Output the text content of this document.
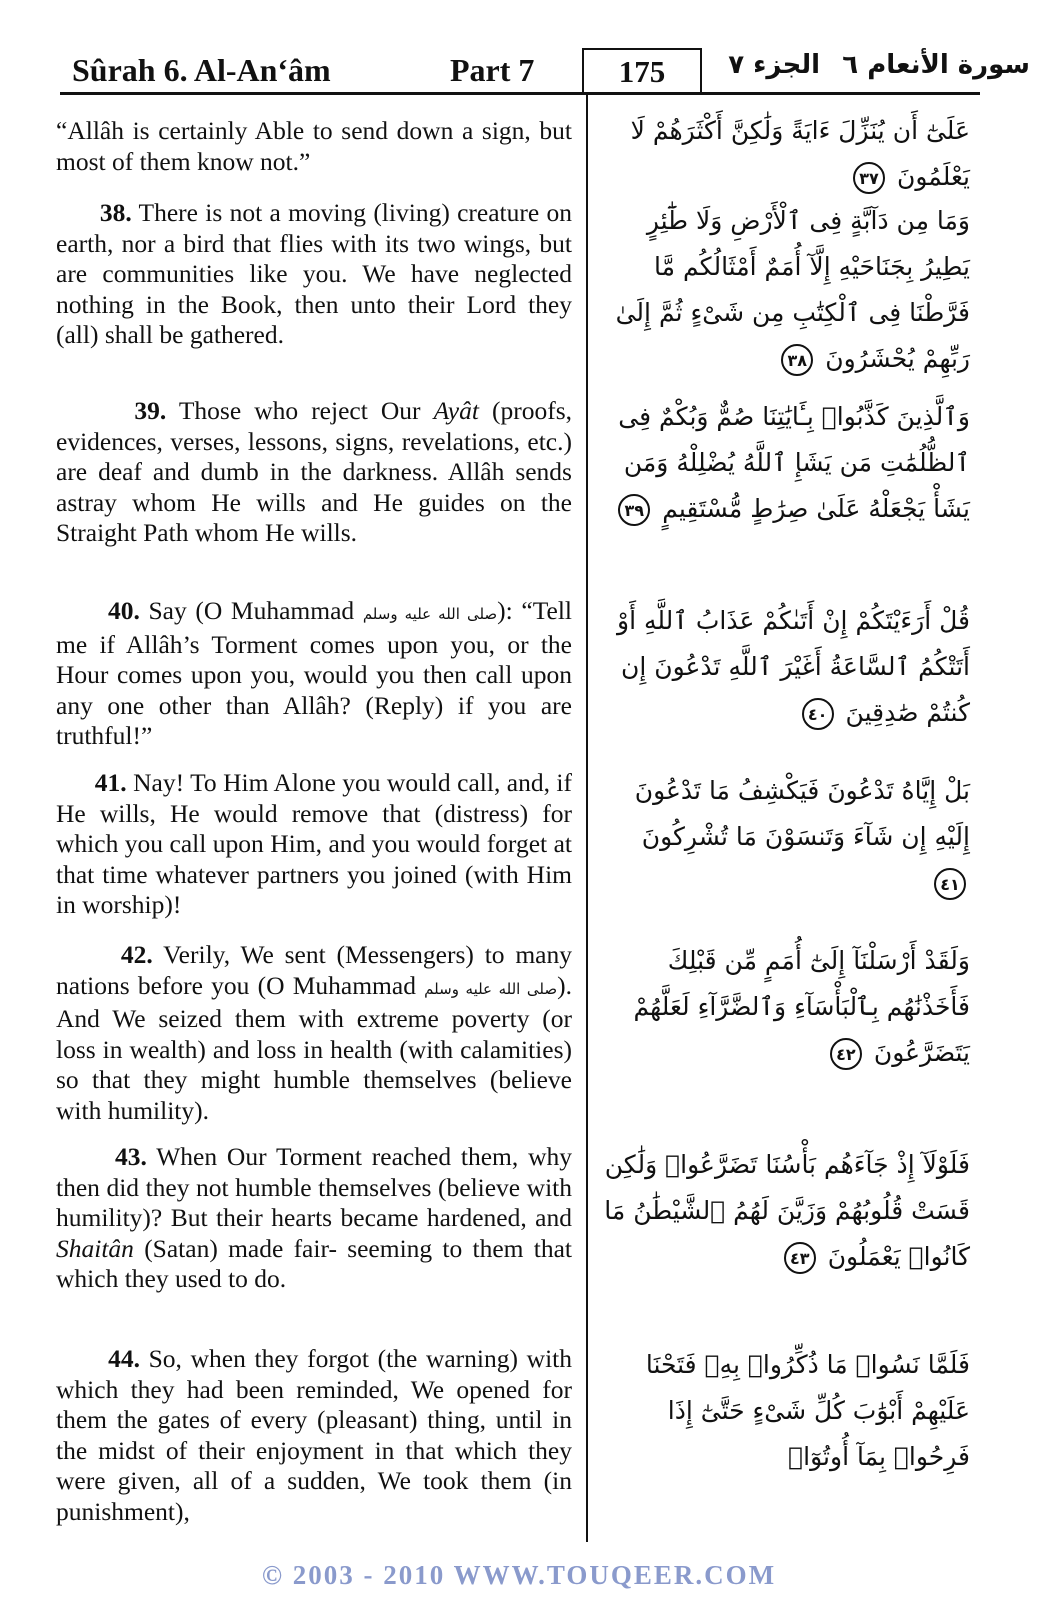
Sûrah 6. Al-An‘âm	Part 7	175	الجزء ٧ سورة الأنعام ٦
“Allâh is certainly Able to send down a sign, but most of them know not.”
38. There is not a moving (living) creature on earth, nor a bird that flies with its two wings, but are communities like you. We have neglected nothing in the Book, then unto their Lord they (all) shall be gathered.
39. Those who reject Our Ayât (proofs, evidences, verses, lessons, signs, revelations, etc.) are deaf and dumb in the darkness. Allâh sends astray whom He wills and He guides on the Straight Path whom He wills.
40. Say (O Muhammad صلى الله عليه وسلم): “Tell me if Allâh’s Torment comes upon you, or the Hour comes upon you, would you then call upon any one other than Allâh? (Reply) if you are truthful!”
41. Nay! To Him Alone you would call, and, if He wills, He would remove that (distress) for which you call upon Him, and you would forget at that time whatever partners you joined (with Him in worship)!
42. Verily, We sent (Messengers) to many nations before you (O Muhammad صلى الله عليه وسلم). And We seized them with extreme poverty (or loss in wealth) and loss in health (with calamities) so that they might humble themselves (believe with humility).
43. When Our Torment reached them, why then did they not humble themselves (believe with humility)? But their hearts became hardened, and Shaitân (Satan) made fair- seeming to them that which they used to do.
44. So, when they forgot (the warning) with which they had been reminded, We opened for them the gates of every (pleasant) thing, until in the midst of their enjoyment in that which they were given, all of a sudden, We took them (in punishment),
عَلَىٰٓ أَن يُنَزِّلَ ءَايَةً وَلَٰكِنَّ أَكْثَرَهُمْ لَا يَعْلَمُونَ ٣٧
وَمَا مِن دَآبَّةٍ فِى ٱلْأَرْضِ وَلَا طَٰٓئِرٍ يَطِيرُ بِجَنَاحَيْهِ إِلَّآ أُمَمٌ أَمْثَالُكُم مَّا فَرَّطْنَا فِى ٱلْكِتَٰبِ مِن شَىْءٍ ثُمَّ إِلَىٰ رَبِّهِمْ يُحْشَرُونَ ٣٨
وَٱلَّذِينَ كَذَّبُوا۟ بِـَٔايَٰتِنَا صُمٌّ وَبُكْمٌ فِى ٱلظُّلُمَٰتِ مَن يَشَإِ ٱللَّهُ يُضْلِلْهُ وَمَن يَشَأْ يَجْعَلْهُ عَلَىٰ صِرَٰطٍ مُّسْتَقِيمٍ ٣٩
قُلْ أَرَءَيْتَكُمْ إِنْ أَتَىٰكُمْ عَذَابُ ٱللَّهِ أَوْ أَتَتْكُمُ ٱلسَّاعَةُ أَغَيْرَ ٱللَّهِ تَدْعُونَ إِن كُنتُمْ صَٰدِقِينَ ٤٠
بَلْ إِيَّاهُ تَدْعُونَ فَيَكْشِفُ مَا تَدْعُونَ إِلَيْهِ إِن شَآءَ وَتَنسَوْنَ مَا تُشْرِكُونَ ٤١
وَلَقَدْ أَرْسَلْنَآ إِلَىٰٓ أُمَمٍ مِّن قَبْلِكَ فَأَخَذْنَٰهُم بِٱلْبَأْسَآءِ وَٱلضَّرَّآءِ لَعَلَّهُمْ يَتَضَرَّعُونَ ٤٢
فَلَوْلَآ إِذْ جَآءَهُم بَأْسُنَا تَضَرَّعُوا۟ وَلَٰكِن قَسَتْ قُلُوبُهُمْ وَزَيَّنَ لَهُمُ ٱلشَّيْطَٰنُ مَا كَانُوا۟ يَعْمَلُونَ ٤٣
فَلَمَّا نَسُوا۟ مَا ذُكِّرُوا۟ بِهِۦ فَتَحْنَا عَلَيْهِمْ أَبْوَٰبَ كُلِّ شَىْءٍ حَتَّىٰٓ إِذَا فَرِحُوا۟ بِمَآ أُوتُوٓا۟
© 2003 - 2010 WWW.TOUQEER.COM
